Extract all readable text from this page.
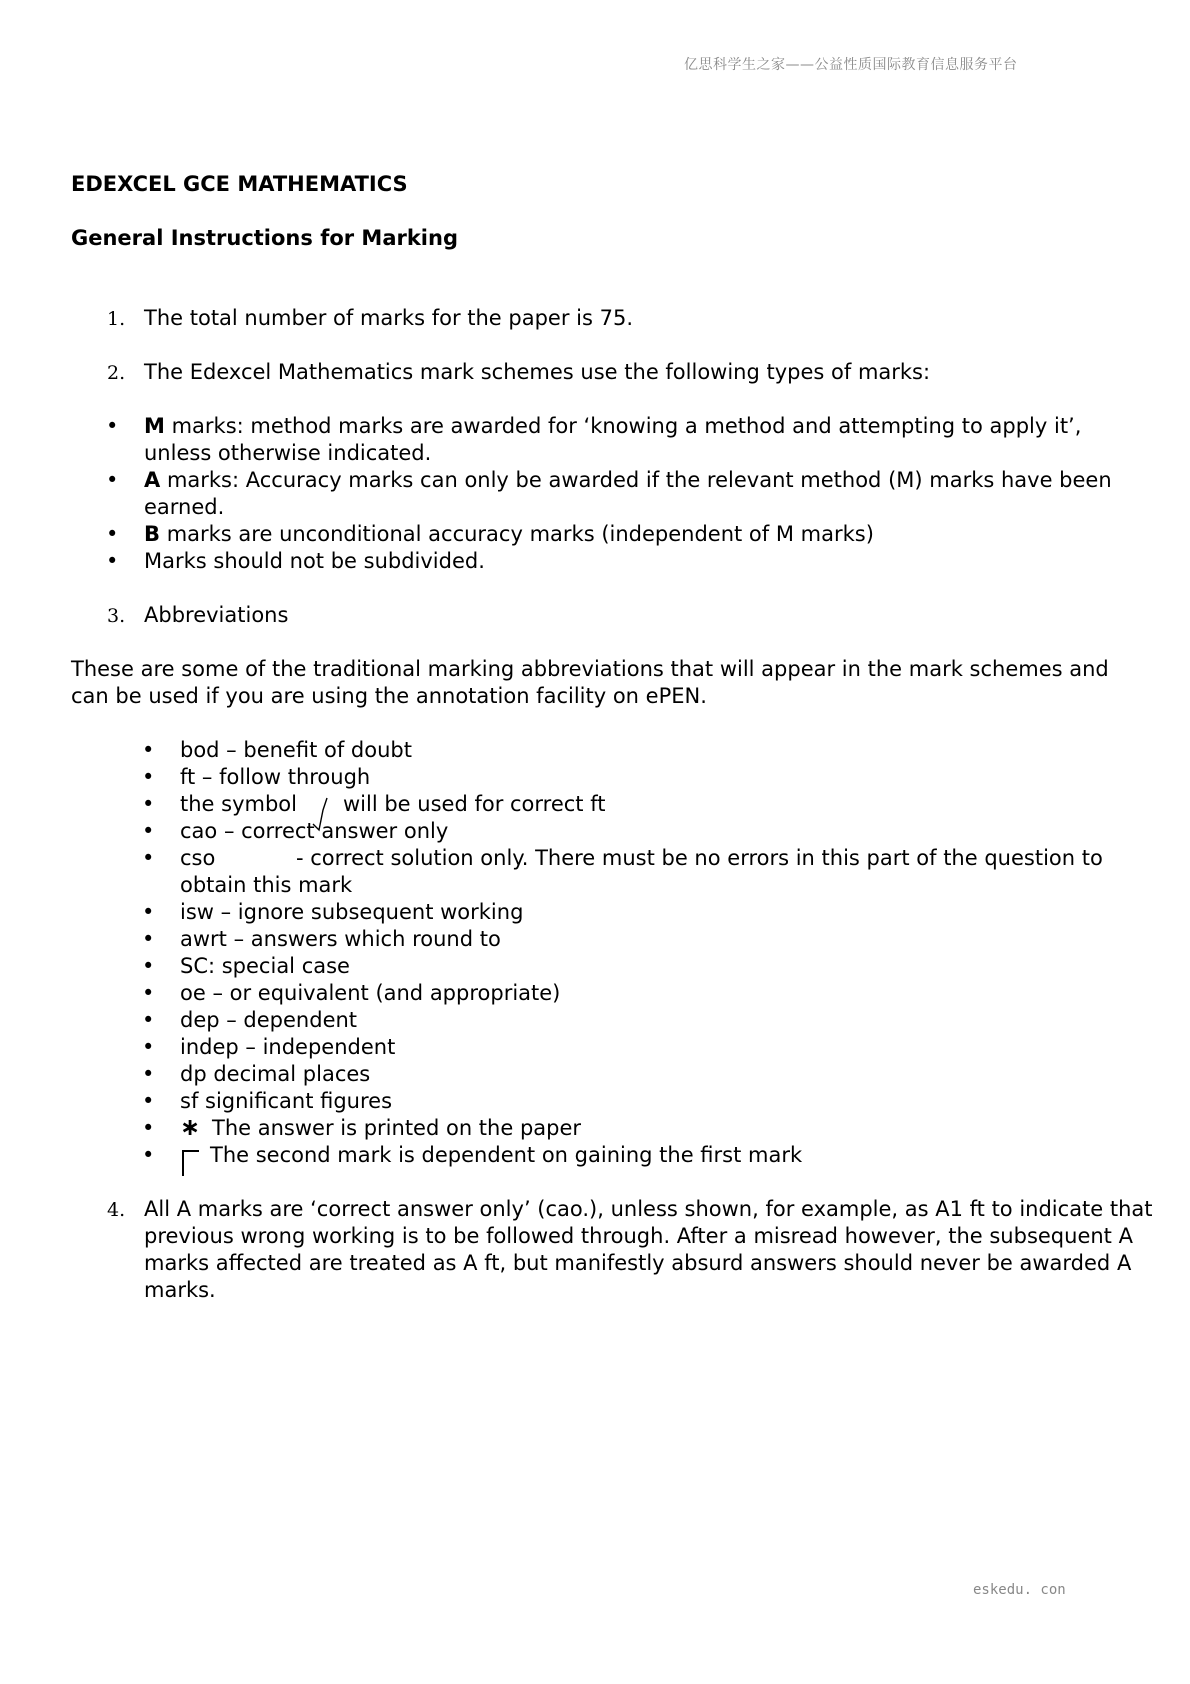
亿思科学生之家——公益性质国际教育信息服务平台
EDEXCEL GCE MATHEMATICS
General Instructions for Marking
1. The total number of marks for the paper is 75.
2. The Edexcel Mathematics mark schemes use the following types of marks:
• M marks: method marks are awarded for ‘knowing a method and attempting to apply it’, unless otherwise indicated.
• A marks: Accuracy marks can only be awarded if the relevant method (M) marks have been earned.
• B marks are unconditional accuracy marks (independent of M marks)
• Marks should not be subdivided.
3. Abbreviations
These are some of the traditional marking abbreviations that will appear in the mark schemes and can be used if you are using the annotation facility on ePEN.
• bod – benefit of doubt
• ft – follow through
• the symbol will be used for correct ft
• cao – correct answer only
• cso	- correct solution only. There must be no errors in this part of the question to obtain this mark
• isw – ignore subsequent working
• awrt – answers which round to
• SC: special case
• oe – or equivalent (and appropriate)
• dep – dependent
• indep – independent
• dp decimal places
• sf significant figures
• ∗ The answer is printed on the paper
•	The second mark is dependent on gaining the first mark
4. All A marks are ‘correct answer only’ (cao.), unless shown, for example, as A1 ft to indicate that previous wrong working is to be followed through. After a misread however, the subsequent A marks affected are treated as A ft, but manifestly absurd answers should never be awarded A marks.
eskedu. con
